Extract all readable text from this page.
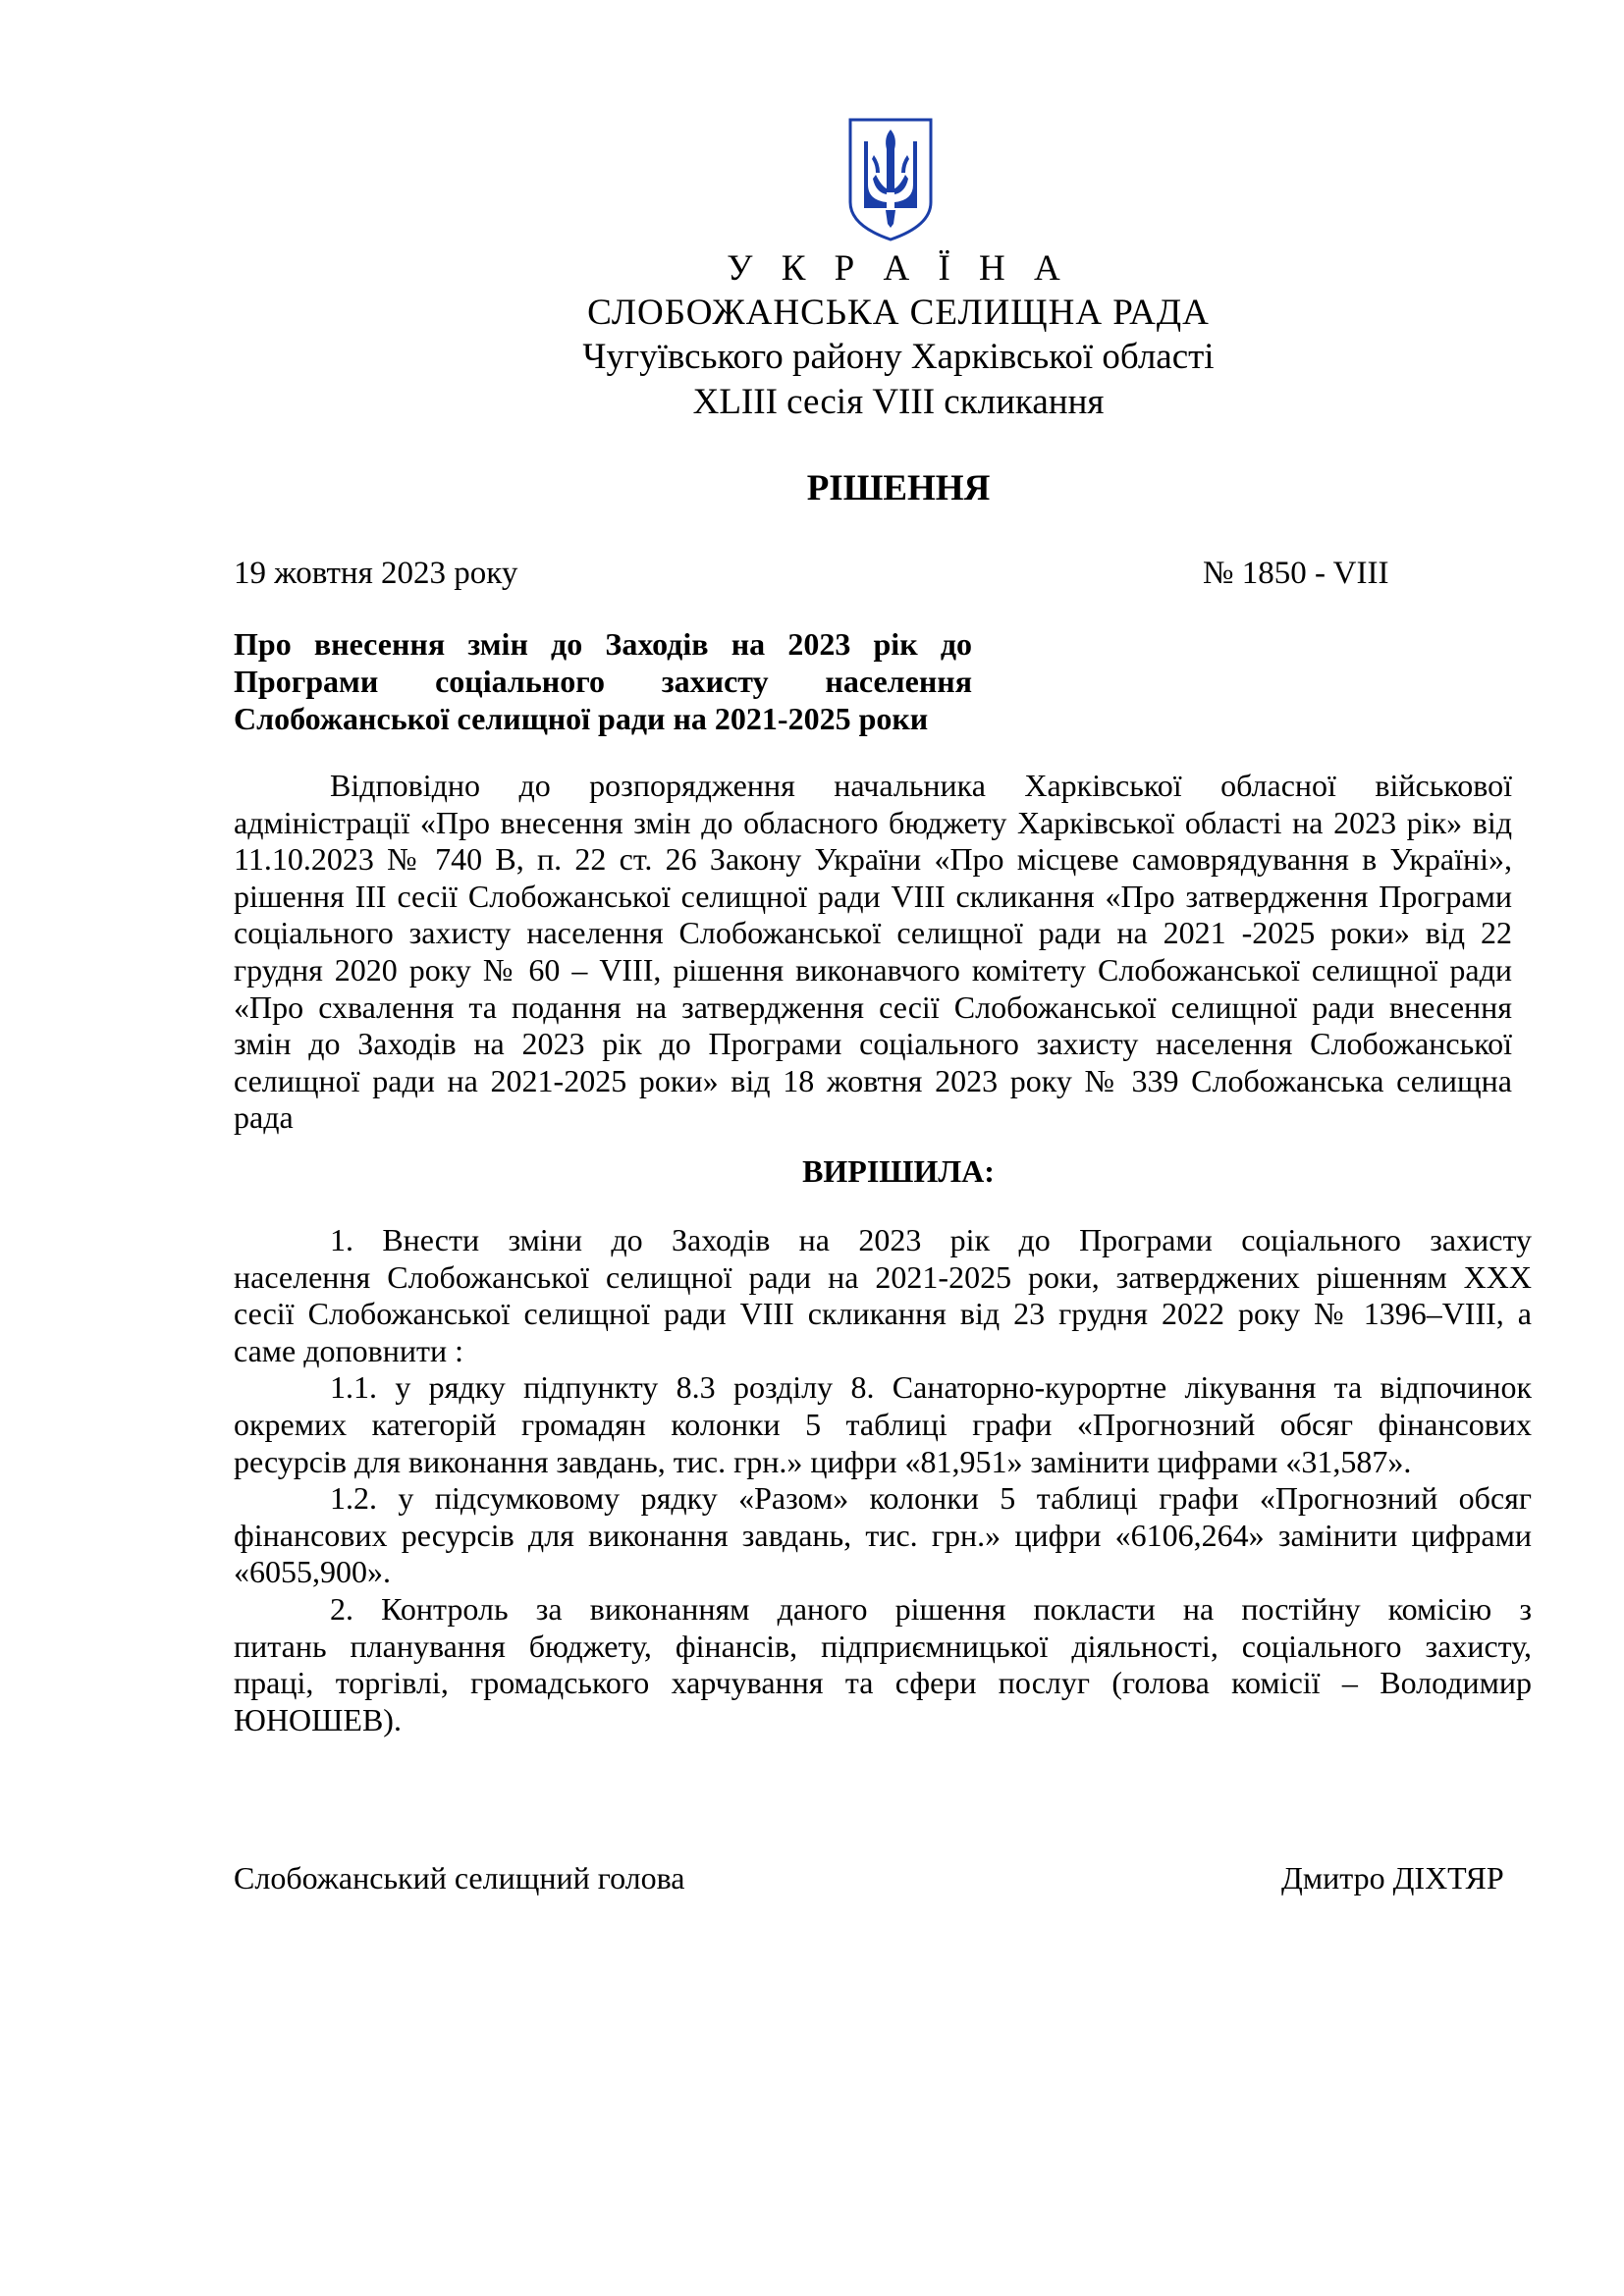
У К Р А Ї Н А
СЛОБОЖАНСЬКА СЕЛИЩНА РАДА
Чугуївського району Харківської області
XLIII сесія VIII скликання
РІШЕННЯ
19 жовтня 2023 року	№ 1850 - VIII
Про внесення змін до Заходів на 2023 рік до
Програми соціального захисту населення
Слобожанської селищної ради на 2021-2025 роки
Відповідно до розпорядження начальника Харківської обласної військової
адміністрації «Про внесення змін до обласного бюджету Харківської області на 2023 рік» від
11.10.2023 № 740 В, п. 22 ст. 26 Закону України «Про місцеве самоврядування в Україні»,
рішення ІІІ сесії Слобожанської селищної ради VIII скликання «Про затвердження Програми
соціального захисту населення Слобожанської селищної ради на 2021 -2025 роки» від 22
грудня 2020 року № 60 – VIII, рішення виконавчого комітету Слобожанської селищної ради
«Про схвалення та подання на затвердження сесії Слобожанської селищної ради внесення
змін до Заходів на 2023 рік до Програми соціального захисту населення Слобожанської
селищної ради на 2021-2025 роки» від 18 жовтня 2023 року № 339 Слобожанська селищна
рада
ВИРІШИЛА:
1. Внести зміни до Заходів на 2023 рік до Програми соціального захисту
населення Слобожанської селищної ради на 2021-2025 роки, затверджених рішенням XXX
сесії Слобожанської селищної ради VIII скликання від 23 грудня 2022 року № 1396–VIII, а
саме доповнити :
1.1. у рядку підпункту 8.3 розділу 8. Санаторно-курортне лікування та відпочинок
окремих категорій громадян колонки 5 таблиці графи «Прогнозний обсяг фінансових
ресурсів для виконання завдань, тис. грн.» цифри «81,951» замінити цифрами «31,587».
1.2. у підсумковому рядку «Разом» колонки 5 таблиці графи «Прогнозний обсяг
фінансових ресурсів для виконання завдань, тис. грн.» цифри «6106,264» замінити цифрами
«6055,900».
2. Контроль за виконанням даного рішення покласти на постійну комісію з
питань планування бюджету, фінансів, підприємницької діяльності, соціального захисту,
праці, торгівлі, громадського харчування та сфери послуг (голова комісії – Володимир
ЮНОШЕВ).
Слобожанський селищний голова	Дмитро ДІХТЯР
